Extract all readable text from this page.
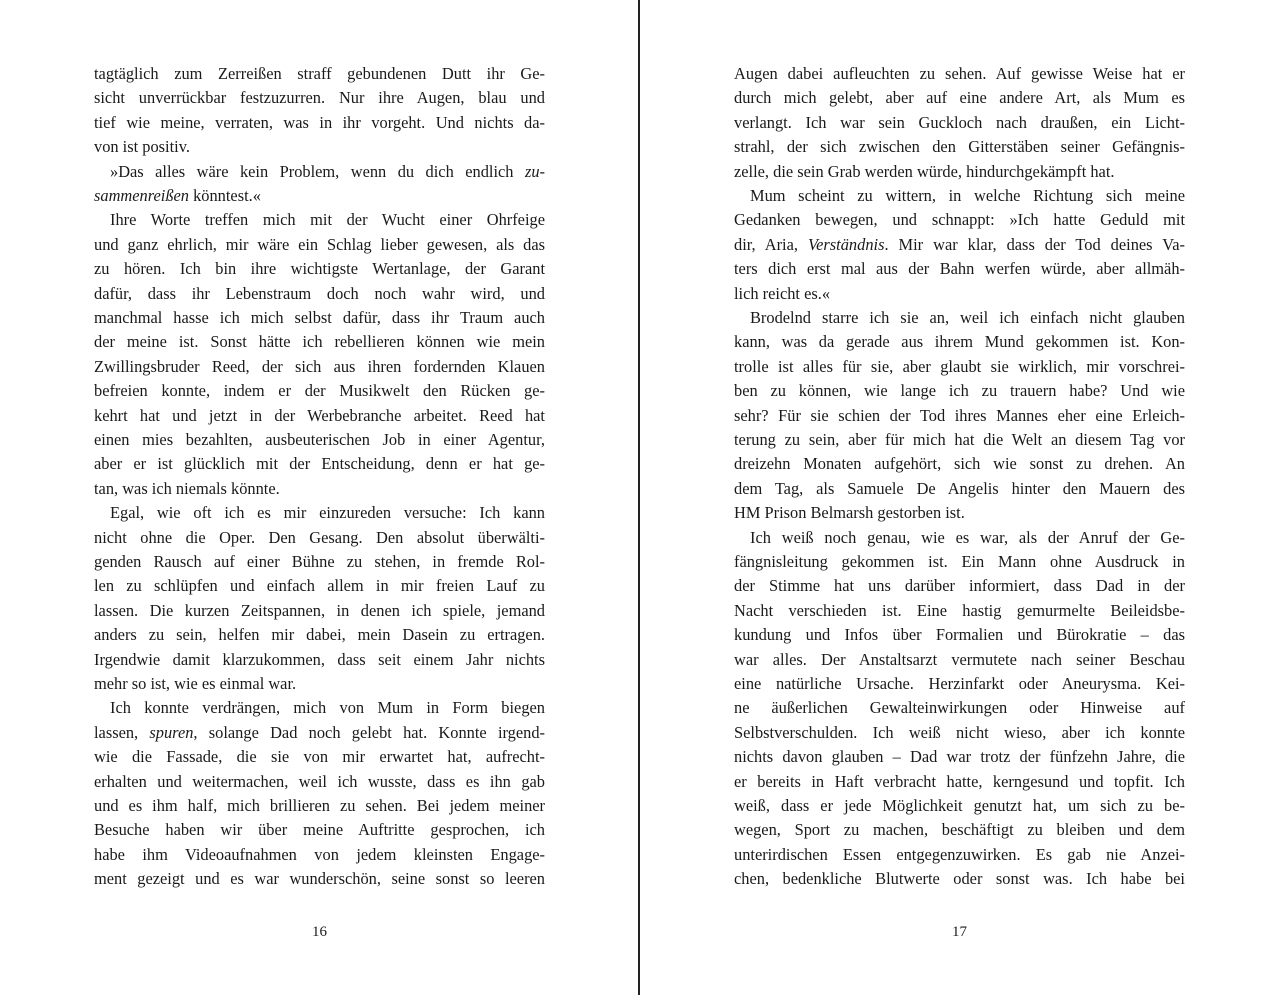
tagtäglich zum Zerreißen straff gebundenen Dutt ihr Ge-
sicht unverrückbar festzuzurren. Nur ihre Augen, blau und
tief wie meine, verraten, was in ihr vorgeht. Und nichts da-
von ist positiv.
»Das alles wäre kein Problem, wenn du dich endlich zu-
sammenreißen könntest.«
Ihre Worte treffen mich mit der Wucht einer Ohrfeige
und ganz ehrlich, mir wäre ein Schlag lieber gewesen, als das
zu hören. Ich bin ihre wichtigste Wertanlage, der Garant
dafür, dass ihr Lebenstraum doch noch wahr wird, und
manchmal hasse ich mich selbst dafür, dass ihr Traum auch
der meine ist. Sonst hätte ich rebellieren können wie mein
Zwillingsbruder Reed, der sich aus ihren fordernden Klauen
befreien konnte, indem er der Musikwelt den Rücken ge-
kehrt hat und jetzt in der Werbebranche arbeitet. Reed hat
einen mies bezahlten, ausbeuterischen Job in einer Agentur,
aber er ist glücklich mit der Entscheidung, denn er hat ge-
tan, was ich niemals könnte.
Egal, wie oft ich es mir einzureden versuche: Ich kann
nicht ohne die Oper. Den Gesang. Den absolut überwälti-
genden Rausch auf einer Bühne zu stehen, in fremde Rol-
len zu schlüpfen und einfach allem in mir freien Lauf zu
lassen. Die kurzen Zeitspannen, in denen ich spiele, jemand
anders zu sein, helfen mir dabei, mein Dasein zu ertragen.
Irgendwie damit klarzukommen, dass seit einem Jahr nichts
mehr so ist, wie es einmal war.
Ich konnte verdrängen, mich von Mum in Form biegen
lassen, spuren, solange Dad noch gelebt hat. Konnte irgend-
wie die Fassade, die sie von mir erwartet hat, aufrecht-
erhalten und weitermachen, weil ich wusste, dass es ihn gab
und es ihm half, mich brillieren zu sehen. Bei jedem meiner
Besuche haben wir über meine Auftritte gesprochen, ich
habe ihm Videoaufnahmen von jedem kleinsten Engage-
ment gezeigt und es war wunderschön, seine sonst so leeren
16
Augen dabei aufleuchten zu sehen. Auf gewisse Weise hat er
durch mich gelebt, aber auf eine andere Art, als Mum es
verlangt. Ich war sein Guckloch nach draußen, ein Licht-
strahl, der sich zwischen den Gitterstäben seiner Gefängnis-
zelle, die sein Grab werden würde, hindurchgekämpft hat.
Mum scheint zu wittern, in welche Richtung sich meine
Gedanken bewegen, und schnappt: »Ich hatte Geduld mit
dir, Aria, Verständnis. Mir war klar, dass der Tod deines Va-
ters dich erst mal aus der Bahn werfen würde, aber allmäh-
lich reicht es.«
Brodelnd starre ich sie an, weil ich einfach nicht glauben
kann, was da gerade aus ihrem Mund gekommen ist. Kon-
trolle ist alles für sie, aber glaubt sie wirklich, mir vorschrei-
ben zu können, wie lange ich zu trauern habe? Und wie
sehr? Für sie schien der Tod ihres Mannes eher eine Erleich-
terung zu sein, aber für mich hat die Welt an diesem Tag vor
dreizehn Monaten aufgehört, sich wie sonst zu drehen. An
dem Tag, als Samuele De Angelis hinter den Mauern des
HM Prison Belmarsh gestorben ist.
Ich weiß noch genau, wie es war, als der Anruf der Ge-
fängnisleitung gekommen ist. Ein Mann ohne Ausdruck in
der Stimme hat uns darüber informiert, dass Dad in der
Nacht verschieden ist. Eine hastig gemurmelte Beileidsbe-
kundung und Infos über Formalien und Bürokratie – das
war alles. Der Anstaltsarzt vermutete nach seiner Beschau
eine natürliche Ursache. Herzinfarkt oder Aneurysma. Kei-
ne äußerlichen Gewalteinwirkungen oder Hinweise auf
Selbstverschulden. Ich weiß nicht wieso, aber ich konnte
nichts davon glauben – Dad war trotz der fünfzehn Jahre, die
er bereits in Haft verbracht hatte, kerngesund und topfit. Ich
weiß, dass er jede Möglichkeit genutzt hat, um sich zu be-
wegen, Sport zu machen, beschäftigt zu bleiben und dem
unterirdischen Essen entgegenzuwirken. Es gab nie Anzei-
chen, bedenkliche Blutwerte oder sonst was. Ich habe bei
17
